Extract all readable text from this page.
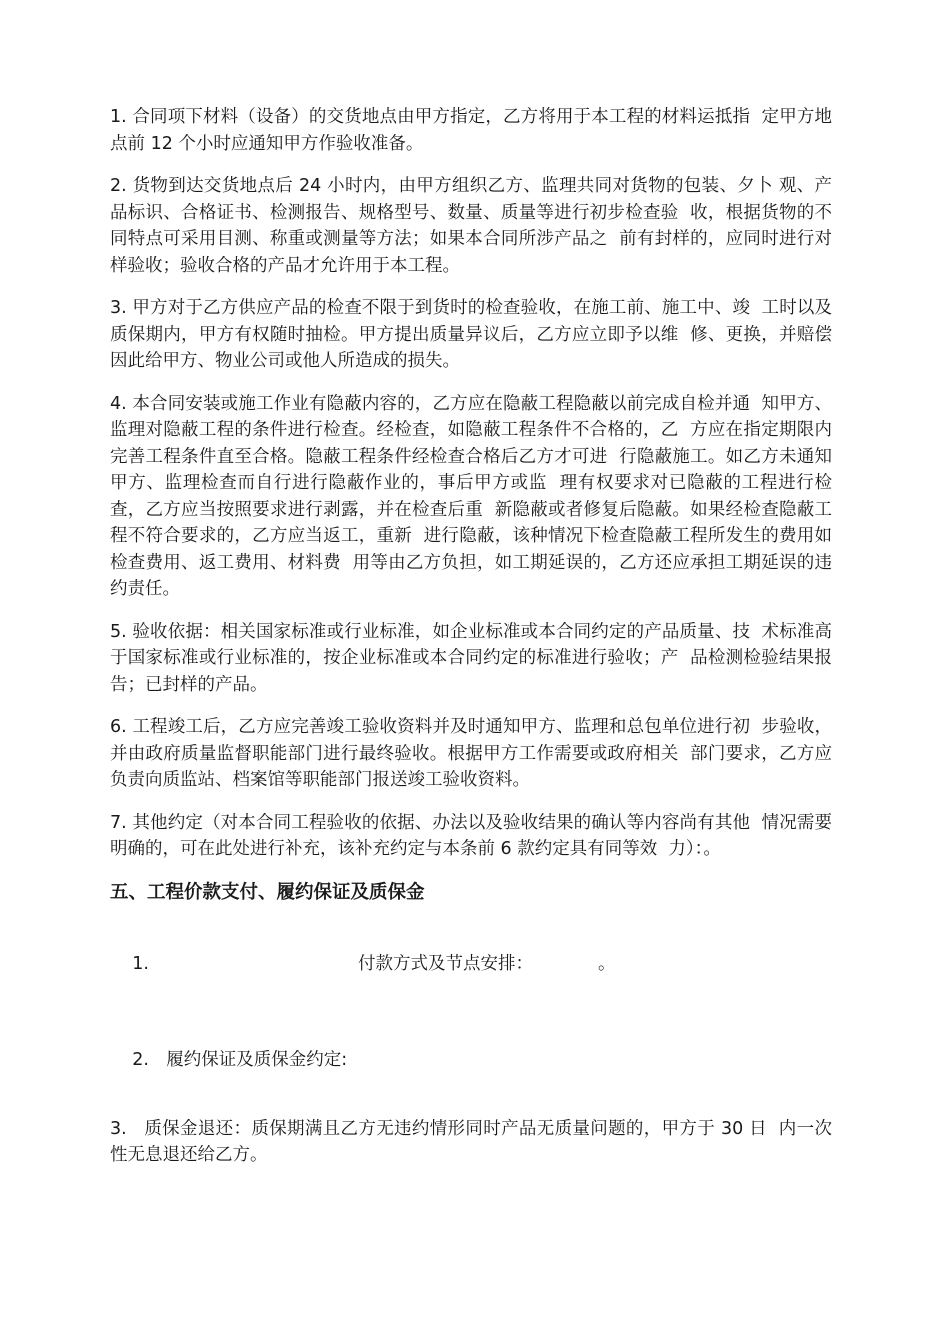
1. 合同项下材料（设备）的交货地点由甲方指定，乙方将用于本工程的材料运抵指  定甲方地点前 12 个小时应通知甲方作验收准备。

2. 货物到达交货地点后 24 小时内，由甲方组织乙方、监理共同对货物的包装、夕卜 观、产品标识、合格证书、检测报告、规格型号、数量、质量等进行初步检查验  收，根据货物的不同特点可采用目测、称重或测量等方法；如果本合同所涉产品之  前有封样的，应同时进行对样验收；验收合格的产品才允许用于本工程。

3. 甲方对于乙方供应产品的检查不限于到货时的检查验收，在施工前、施工中、竣  工时以及质保期内，甲方有权随时抽检。甲方提出质量异议后，乙方应立即予以维  修、更换，并赔偿因此给甲方、物业公司或他人所造成的损失。

4. 本合同安装或施工作业有隐蔽内容的，乙方应在隐蔽工程隐蔽以前完成自检并通  知甲方、监理对隐蔽工程的条件进行检查。经检查，如隐蔽工程条件不合格的，乙  方应在指定期限内完善工程条件直至合格。隐蔽工程条件经检查合格后乙方才可进  行隐蔽施工。如乙方未通知甲方、监理检查而自行进行隐蔽作业的，事后甲方或监  理有权要求对已隐蔽的工程进行检查，乙方应当按照要求进行剥露，并在检查后重  新隐蔽或者修复后隐蔽。如果经检查隐蔽工程不符合要求的，乙方应当返工，重新  进行隐蔽，该种情况下检查隐蔽工程所发生的费用如检查费用、返工费用、材料费  用等由乙方负担，如工期延误的，乙方还应承担工期延误的违约责任。

5. 验收依据：相关国家标准或行业标准，如企业标准或本合同约定的产品质量、技  术标准高于国家标准或行业标准的，按企业标准或本合同约定的标准进行验收；产  品检测检验结果报告；已封样的产品。

6. 工程竣工后，乙方应完善竣工验收资料并及时通知甲方、监理和总包单位进行初  步验收，并由政府质量监督职能部门进行最终验收。根据甲方工作需要或政府相关  部门要求，乙方应负责向质监站、档案馆等职能部门报送竣工验收资料。

7. 其他约定（对本合同工程验收的依据、办法以及验收结果的确认等内容尚有其他  情况需要明确的，可在此处进行补充，该补充约定与本条前 6 款约定具有同等效  力）：。

五、工程价款支付、履约保证及质保金

1.	付款方式及节点安排：	。

2. 履约保证及质保金约定:

3. 质保金退还：质保期满且乙方无违约情形同时产品无质量问题的，甲方于 30 日  内一次性无息退还给乙方。
